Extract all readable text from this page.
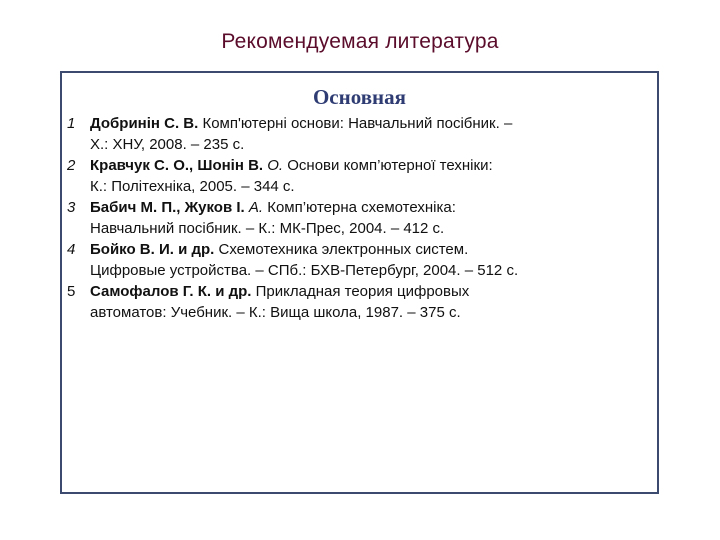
Рекомендуемая литература
Основная
1 Добринін С. В. Комп'ютерні основи: Навчальний посібник. –
Х.: ХНУ, 2008. – 235 с.
2 Кравчук С. О., Шонін В. О. Основи комп’ютерної техніки:
К.: Політехніка, 2005. – 344 с.
3 Бабич М. П., Жуков І. А. Комп’ютерна схемотехніка:
Навчальний посібник. – К.: МК-Прес, 2004. – 412 с.
4 Бойко В. И. и др. Схемотехника электронных систем.
Цифровые устройства. – СПб.: БХВ-Петербург, 2004. – 512 с.
5 Самофалов Г. К. и др. Прикладная теория цифровых
автоматов: Учебник. – К.: Вища школа, 1987. – 375 с.
